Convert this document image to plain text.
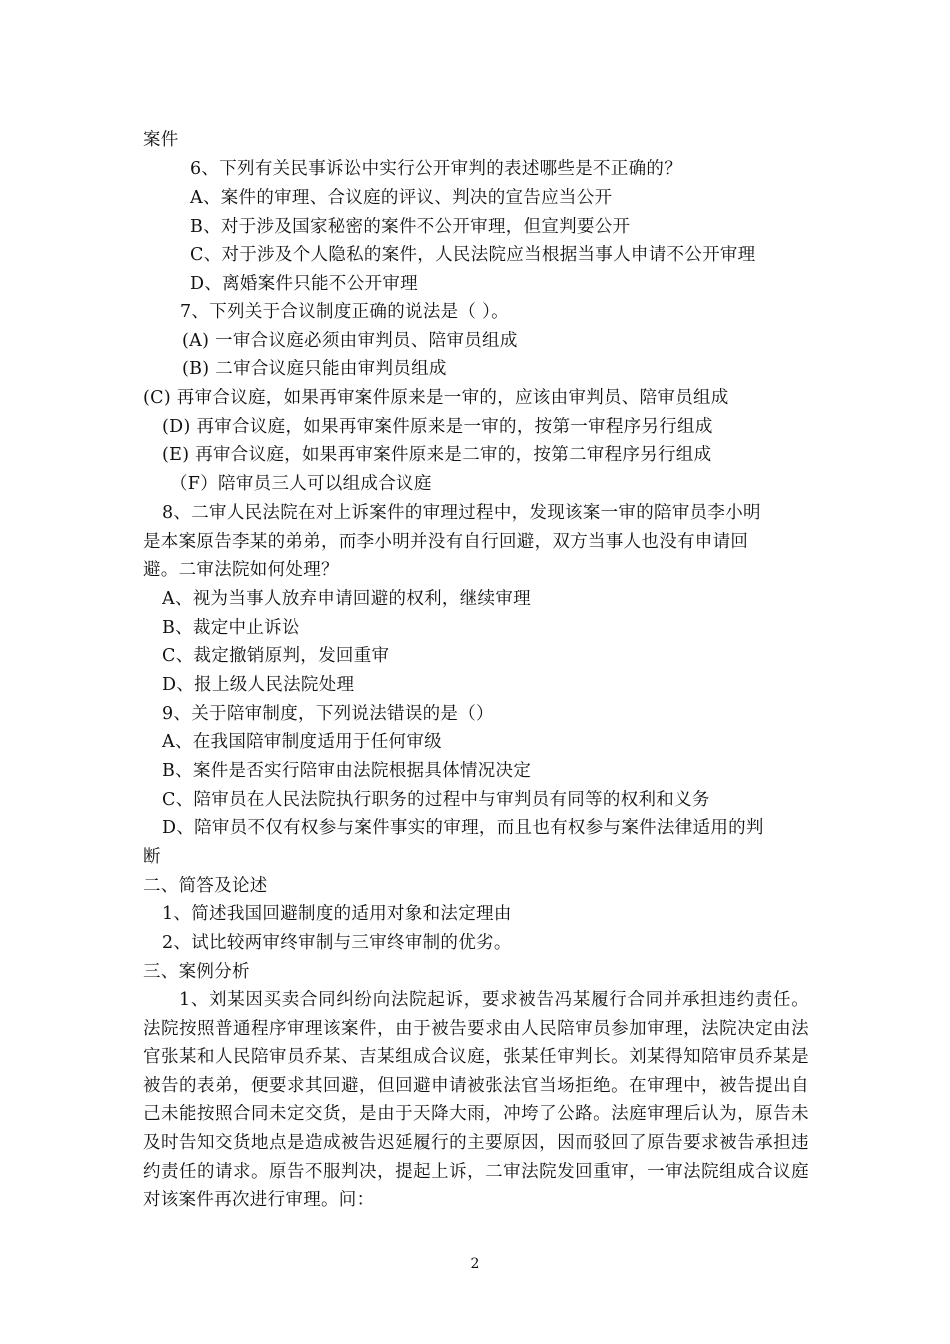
案件
6、下列有关民事诉讼中实行公开审判的表述哪些是不正确的？
A、案件的审理、合议庭的评议、判决的宣告应当公开
B、对于涉及国家秘密的案件不公开审理，但宣判要公开
C、对于涉及个人隐私的案件，人民法院应当根据当事人申请不公开审理
D、离婚案件只能不公开审理
7、下列关于合议制度正确的说法是（ ）。
(A) 一审合议庭必须由审判员、陪审员组成
(B) 二审合议庭只能由审判员组成
(C) 再审合议庭，如果再审案件原来是一审的，应该由审判员、陪审员组成
(D) 再审合议庭，如果再审案件原来是一审的，按第一审程序另行组成
(E) 再审合议庭，如果再审案件原来是二审的，按第二审程序另行组成
（F）陪审员三人可以组成合议庭
8、二审人民法院在对上诉案件的审理过程中，发现该案一审的陪审员李小明
是本案原告李某的弟弟，而李小明并没有自行回避，双方当事人也没有申请回
避。二审法院如何处理？
A、视为当事人放弃申请回避的权利，继续审理
B、裁定中止诉讼
C、裁定撤销原判，发回重审
D、报上级人民法院处理
9、关于陪审制度，下列说法错误的是（）
A、在我国陪审制度适用于任何审级
B、案件是否实行陪审由法院根据具体情况决定
C、陪审员在人民法院执行职务的过程中与审判员有同等的权利和义务
D、陪审员不仅有权参与案件事实的审理，而且也有权参与案件法律适用的判
断
二、简答及论述
1、简述我国回避制度的适用对象和法定理由
2、试比较两审终审制与三审终审制的优劣。
三、案例分析
1、刘某因买卖合同纠纷向法院起诉，要求被告冯某履行合同并承担违约责任。法院按照普通程序审理该案件，由于被告要求由人民陪审员参加审理，法院决定由法官张某和人民陪审员乔某、吉某组成合议庭，张某任审判长。刘某得知陪审员乔某是被告的表弟，便要求其回避，但回避申请被张法官当场拒绝。在审理中，被告提出自己未能按照合同未定交货，是由于天降大雨，冲垮了公路。法庭审理后认为，原告未及时告知交货地点是造成被告迟延履行的主要原因，因而驳回了原告要求被告承担违约责任的请求。原告不服判决，提起上诉，二审法院发回重审，一审法院组成合议庭对该案件再次进行审理。问：
2
